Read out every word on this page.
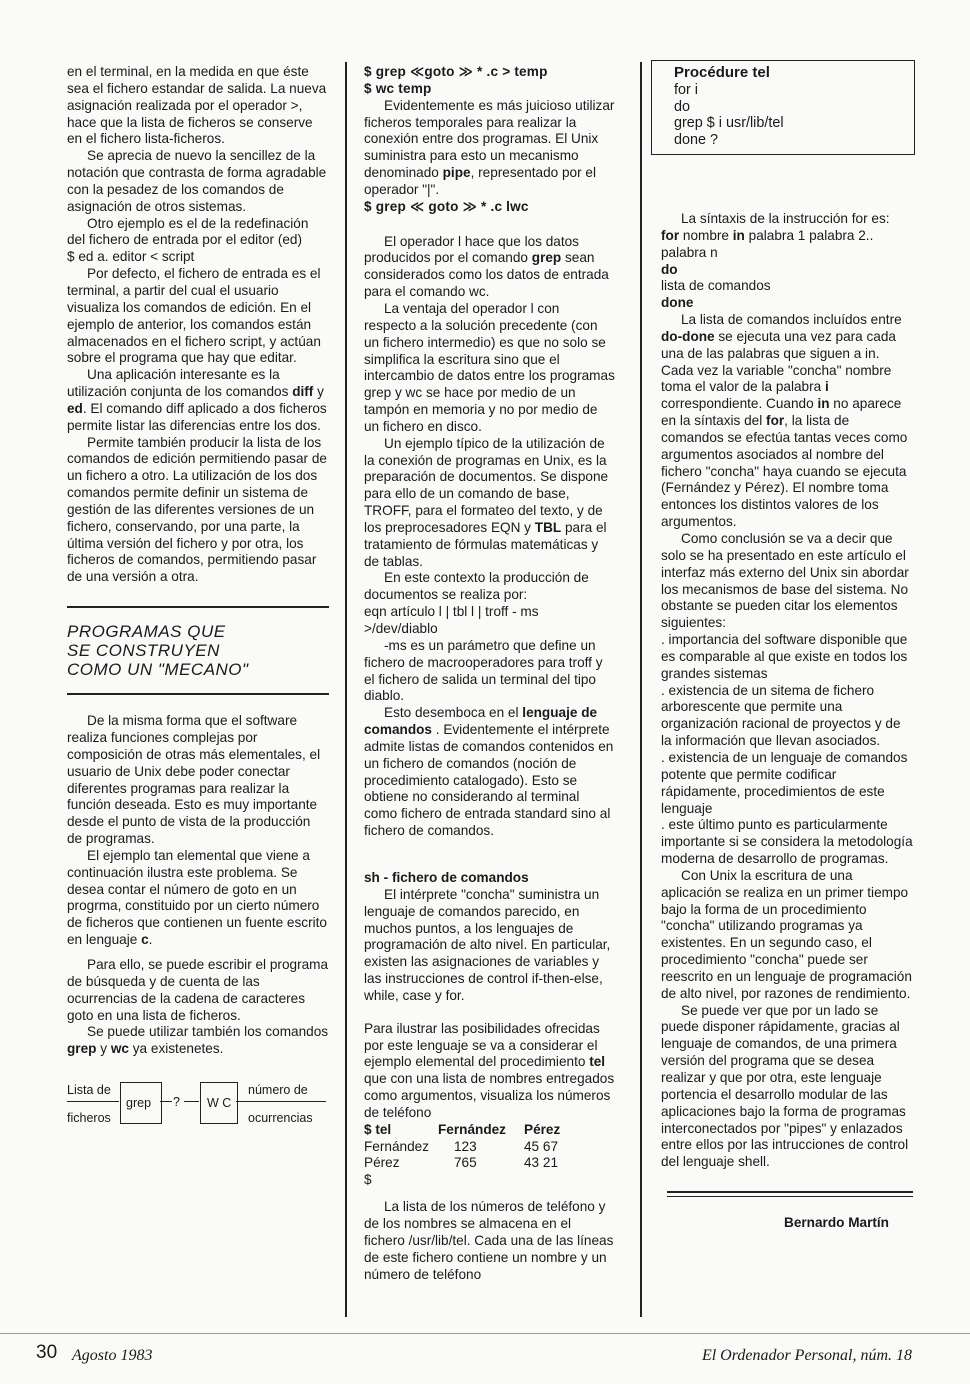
en el terminal, en la medida en que éste sea el fichero estandar de salida. La nueva asignación realizada por el operador >, hace que la lista de ficheros se conserve en el fichero lista-ficheros.

Se aprecia de nuevo la sencillez de la notación que contrasta de forma agradable con la pesadez de los comandos de asignación de otros sistemas.

Otro ejemplo es el de la redefinación del fichero de entrada por el editor (ed)

$ ed a. editor < script

Por defecto, el fichero de entrada es el terminal, a partir del cual el usuario visualiza los comandos de edición. En el ejemplo de anterior, los comandos están almacenados en el fichero script, y actúan sobre el programa que hay que editar.

Una aplicación interesante es la utilización conjunta de los comandos diff y ed. El comando diff aplicado a dos ficheros permite listar las diferencias entre los dos.

Permite también producir la lista de los comandos de edición permitiendo pasar de un fichero a otro. La utilización de los dos comandos permite definir un sistema de gestión de las diferentes versiones de un fichero, conservando, por una parte, la última versión del fichero y por otra, los ficheros de comandos, permitiendo pasar de una versión a otra.

PROGRAMAS QUE

SE CONSTRUYEN

COMO UN "MECANO"

De la misma forma que el software realiza funciones complejas por composición de otras más elementales, el usuario de Unix debe poder conectar diferentes programas para realizar la función deseada. Esto es muy importante desde el punto de vista de la producción de programas.

El ejemplo tan elemental que viene a continuación ilustra este problema. Se desea contar el número de goto en un progrma, constituido por un cierto número de ficheros que contienen un fuente escrito en lenguaje c.

Para ello, se puede escribir el programa de búsqueda y de cuenta de las ocurrencias de la cadena de caracteres goto en una lista de ficheros.

Se puede utilizar también los comandos grep y wc ya existenetes.

Lista de
ficheros
grep ? W C
número de
ocurrencias

$ grep ≪goto ≫ * .c > temp

$ wc temp

Evidentemente es más juicioso utilizar ficheros temporales para realizar la conexión entre dos programas. El Unix suministra para esto un mecanismo denominado pipe, representado por el operador "|".

$ grep ≪ goto ≫ * .c lwc

El operador l hace que los datos producidos por el comando grep sean considerados como los datos de entrada para el comando wc.

La ventaja del operador l con respecto a la solución precedente (con un fichero intermedio) es que no solo se simplifica la escritura sino que el intercambio de datos entre los programas grep y wc se hace por medio de un tampón en memoria y no por medio de un fichero en disco.

Un ejemplo típico de la utilización de la conexión de programas en Unix, es la preparación de documentos. Se dispone para ello de un comando de base, TROFF, para el formateo del texto, y de los preprocesadores EQN y TBL para el tratamiento de fórmulas matemáticas y de tablas.

En este contexto la producción de documentos se realiza por:

eqn artículo l | tbl l | troff - ms

>/dev/diablo

-ms es un parámetro que define un fichero de macrooperadores para troff y el fichero de salida un terminal del tipo diablo.

Esto desemboca en el lenguaje de comandos . Evidentemente el intérprete admite listas de comandos contenidos en un fichero de comandos (noción de procedimiento catalogado). Esto se obtiene no considerando al terminal como fichero de entrada standard sino al fichero de comandos.

sh - fichero de comandos

El intérprete "concha" suministra un lenguaje de comandos parecido, en muchos puntos, a los lenguajes de programación de alto nivel. En particular, existen las asignaciones de variables y las instrucciones de control if-then-else, while, case y for.

Para ilustrar las posibilidades ofrecidas por este lenguaje se va a considerar el ejemplo elemental del procedimiento tel que con una lista de nombres entregados como argumentos, visualiza los números de teléfono

$ tel	Fernández	Pérez
Fernández	123	45 67
Pérez	765	43 21
$

La lista de los números de teléfono y de los nombres se almacena en el fichero /usr/lib/tel. Cada una de las líneas de este fichero contiene un nombre y un número de teléfono

Procédure tel
for i
do
grep $ i usr/lib/tel
done ?

La síntaxis de la instrucción for es:

for nombre in palabra 1 palabra 2.. palabra n

do

lista de comandos

done

La lista de comandos incluídos entre do-done se ejecuta una vez para cada una de las palabras que siguen a in. Cada vez la variable "concha" nombre toma el valor de la palabra i correspondiente. Cuando in no aparece en la síntaxis del for, la lista de comandos se efectúa tantas veces como argumentos asociados al nombre del fichero "concha" haya cuando se ejecuta (Fernández y Pérez). El nombre toma entonces los distintos valores de los argumentos.

Como conclusión se va a decir que solo se ha presentado en este artículo el interfaz más externo del Unix sin abordar los mecanismos de base del sistema. No obstante se pueden citar los elementos siguientes:

. importancia del software disponible que es comparable al que existe en todos los grandes sistemas

. existencia de un sitema de fichero arborescente que permite una organización racional de proyectos y de la información que llevan asociados.

. existencia de un lenguaje de comandos potente que permite codificar rápidamente, procedimientos de este lenguaje

. este último punto es particularmente importante si se considera la metodología moderna de desarrollo de programas.

Con Unix la escritura de una aplicación se realiza en un primer tiempo bajo la forma de un procedimiento "concha" utilizando programas ya existentes. En un segundo caso, el procedimiento "concha" puede ser reescrito en un lenguaje de programación de alto nivel, por razones de rendimiento.

Se puede ver que por un lado se puede disponer rápidamente, gracias al lenguaje de comandos, de una primera versión del programa que se desea realizar y que por otra, este lenguaje portencia el desarrollo modular de las aplicaciones bajo la forma de programas interconectados por "pipes" y enlazados entre ellos por las intrucciones de control del lenguaje shell.

Bernardo Martín

30 Agosto 1983	El Ordenador Personal, núm. 18
